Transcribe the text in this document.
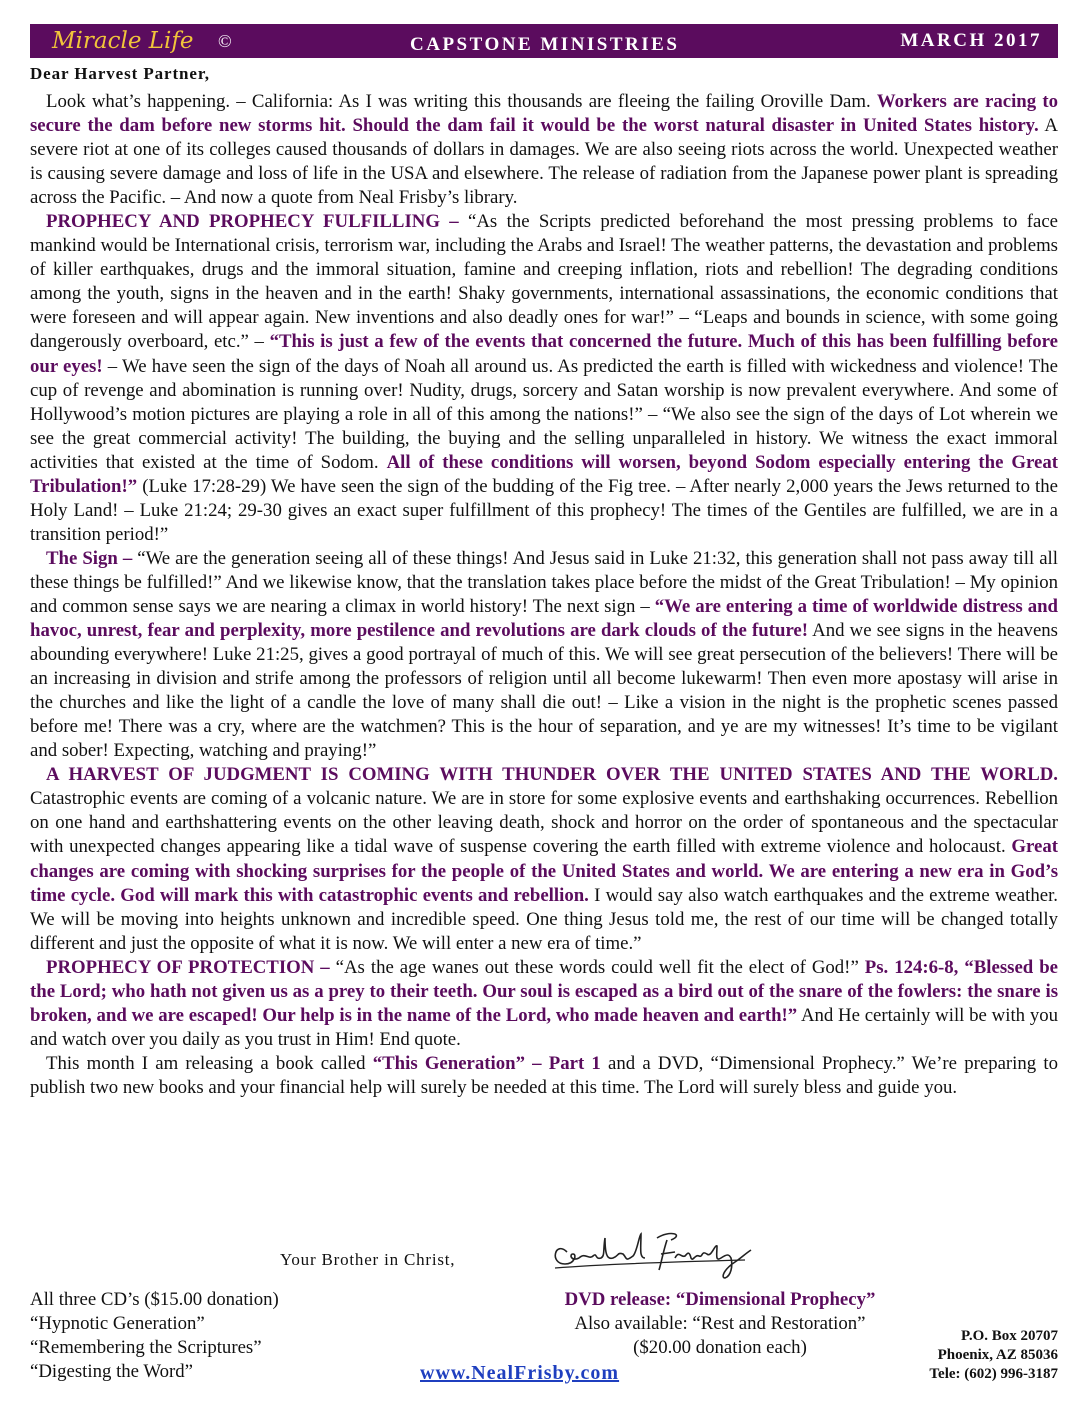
Miracle Life ©	CAPSTONE MINISTRIES	MARCH 2017
Dear Harvest Partner,

Look what’s happening. – California: As I was writing this thousands are fleeing the failing Oroville Dam. Workers are racing to secure the dam before new storms hit. Should the dam fail it would be the worst natural disaster in United States history. A severe riot at one of its colleges caused thousands of dollars in damages. We are also seeing riots across the world. Unexpected weather is causing severe damage and loss of life in the USA and elsewhere. The release of radiation from the Japanese power plant is spreading across the Pacific. – And now a quote from Neal Frisby’s library.

PROPHECY AND PROPHECY FULFILLING – “As the Scripts predicted beforehand the most pressing problems to face mankind would be International crisis, terrorism war, including the Arabs and Israel! The weather patterns, the devastation and problems of killer earthquakes, drugs and the immoral situation, famine and creeping inflation, riots and rebellion! The degrading conditions among the youth, signs in the heaven and in the earth! Shaky governments, international assassinations, the economic conditions that were foreseen and will appear again. New inventions and also deadly ones for war!” – “Leaps and bounds in science, with some going dangerously overboard, etc.” – “This is just a few of the events that concerned the future. Much of this has been fulfilling before our eyes! – We have seen the sign of the days of Noah all around us. As predicted the earth is filled with wickedness and violence! The cup of revenge and abomination is running over! Nudity, drugs, sorcery and Satan worship is now prevalent everywhere. And some of Hollywood’s motion pictures are playing a role in all of this among the nations!” – “We also see the sign of the days of Lot wherein we see the great commercial activity! The building, the buying and the selling unparalleled in history. We witness the exact immoral activities that existed at the time of Sodom. All of these conditions will worsen, beyond Sodom especially entering the Great Tribulation!” (Luke 17:28-29) We have seen the sign of the budding of the Fig tree. – After nearly 2,000 years the Jews returned to the Holy Land! – Luke 21:24; 29-30 gives an exact super fulfillment of this prophecy! The times of the Gentiles are fulfilled, we are in a transition period!”

The Sign – “We are the generation seeing all of these things! And Jesus said in Luke 21:32, this generation shall not pass away till all these things be fulfilled!” And we likewise know, that the translation takes place before the midst of the Great Tribulation! – My opinion and common sense says we are nearing a climax in world history! The next sign – “We are entering a time of worldwide distress and havoc, unrest, fear and perplexity, more pestilence and revolutions are dark clouds of the future! And we see signs in the heavens abounding everywhere! Luke 21:25, gives a good portrayal of much of this. We will see great persecution of the believers! There will be an increasing in division and strife among the professors of religion until all become lukewarm! Then even more apostasy will arise in the churches and like the light of a candle the love of many shall die out! – Like a vision in the night is the prophetic scenes passed before me! There was a cry, where are the watchmen? This is the hour of separation, and ye are my witnesses! It’s time to be vigilant and sober! Expecting, watching and praying!”

A HARVEST OF JUDGMENT IS COMING WITH THUNDER OVER THE UNITED STATES AND THE WORLD. Catastrophic events are coming of a volcanic nature. We are in store for some explosive events and earthshaking occurrences. Rebellion on one hand and earthshattering events on the other leaving death, shock and horror on the order of spontaneous and the spectacular with unexpected changes appearing like a tidal wave of suspense covering the earth filled with extreme violence and holocaust. Great changes are coming with shocking surprises for the people of the United States and world. We are entering a new era in God’s time cycle. God will mark this with catastrophic events and rebellion. I would say also watch earthquakes and the extreme weather. We will be moving into heights unknown and incredible speed. One thing Jesus told me, the rest of our time will be changed totally different and just the opposite of what it is now. We will enter a new era of time.”

PROPHECY OF PROTECTION – “As the age wanes out these words could well fit the elect of God!” Ps. 124:6-8, “Blessed be the Lord; who hath not given us as a prey to their teeth. Our soul is escaped as a bird out of the snare of the fowlers: the snare is broken, and we are escaped! Our help is in the name of the Lord, who made heaven and earth!” And He certainly will be with you and watch over you daily as you trust in Him! End quote.

This month I am releasing a book called “This Generation” – Part 1 and a DVD, “Dimensional Prophecy.” We’re preparing to publish two new books and your financial help will surely be needed at this time. The Lord will surely bless and guide you.

Your Brother in Christ,
All three CD’s ($15.00 donation)
“Hypnotic Generation”
“Remembering the Scriptures”
“Digesting the Word”
DVD release: “Dimensional Prophecy”
Also available: “Rest and Restoration”
($20.00 donation each)
www.NealFrisby.com
P.O. Box 20707
Phoenix, AZ 85036
Tele: (602) 996-3187
